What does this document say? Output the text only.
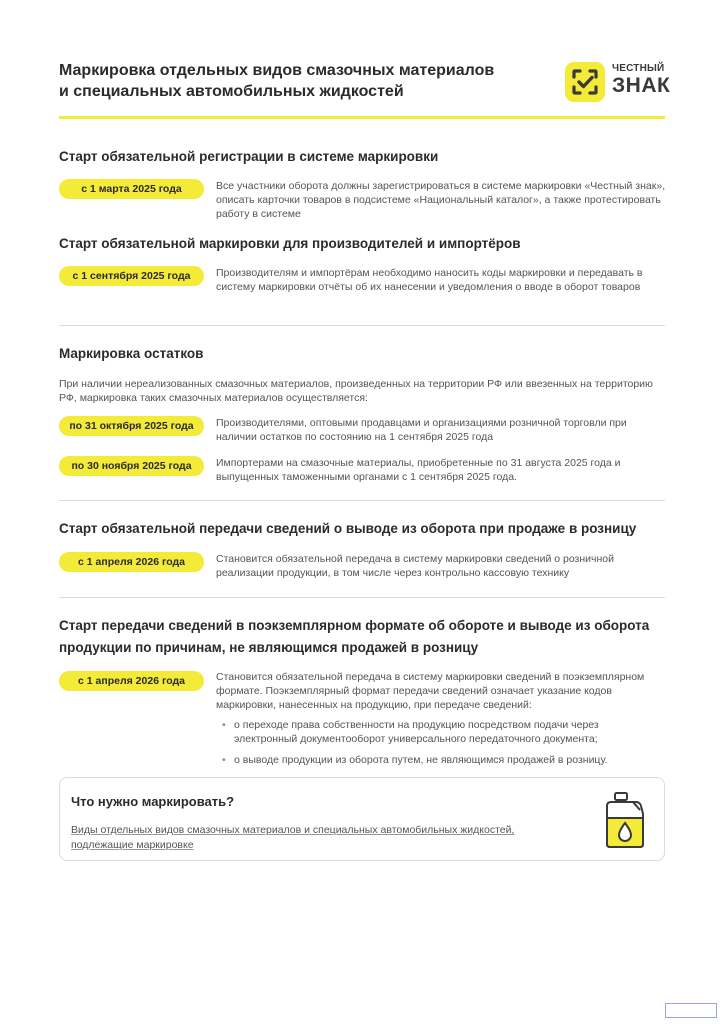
Маркировка отдельных видов смазочных материалов
и специальных автомобильных жидкостей
ЧЕСТНЫЙ
ЗНАК
Старт обязательной регистрации в системе маркировки
с 1 марта 2025 года	Все участники оборота должны зарегистрироваться в системе маркировки «Честный знак», описать карточки товаров в подсистеме «Национальный каталог», а также протестировать работу в системе
Старт обязательной маркировки для производителей и импортёров
с 1 сентября 2025 года	Производителям и импортёрам необходимо наносить коды маркировки и передавать в систему маркировки отчёты об их нанесении и уведомления о вводе в оборот товаров
Маркировка остатков
При наличии нереализованных смазочных материалов, произведенных на территории РФ или ввезенных на территорию РФ, маркировка таких смазочных материалов осуществляется:
по 31 октября 2025 года	Производителями, оптовыми продавцами и организациями розничной торговли при наличии остатков по состоянию на 1 сентября 2025 года
по 30 ноября 2025 года	Импортерами на смазочные материалы, приобретенные по 31 августа 2025 года и выпущенных таможенными органами с 1 сентября 2025 года.
Старт обязательной передачи сведений о выводе из оборота при продаже в розницу
с 1 апреля 2026 года	Становится обязательной передача в систему маркировки сведений о розничной реализации продукции, в том числе через контрольно кассовую технику
Старт передачи сведений в поэкземплярном формате об обороте и выводе из оборота
продукции по причинам, не являющимся продажей в розницу
с 1 апреля 2026 года	Становится обязательной передача в систему маркировки сведений в поэкземплярном формате. Поэкземплярный формат передачи сведений означает указание кодов маркировки, нанесенных на продукцию, при передаче сведений:
• о переходе права собственности на продукцию посредством подачи через электронный документооборот универсального передаточного документа;
• о выводе продукции из оборота путем, не являющимся продажей в розницу.
Что нужно маркировать?
Виды отдельных видов смазочных материалов и специальных автомобильных жидкостей,
подлежащие маркировке
